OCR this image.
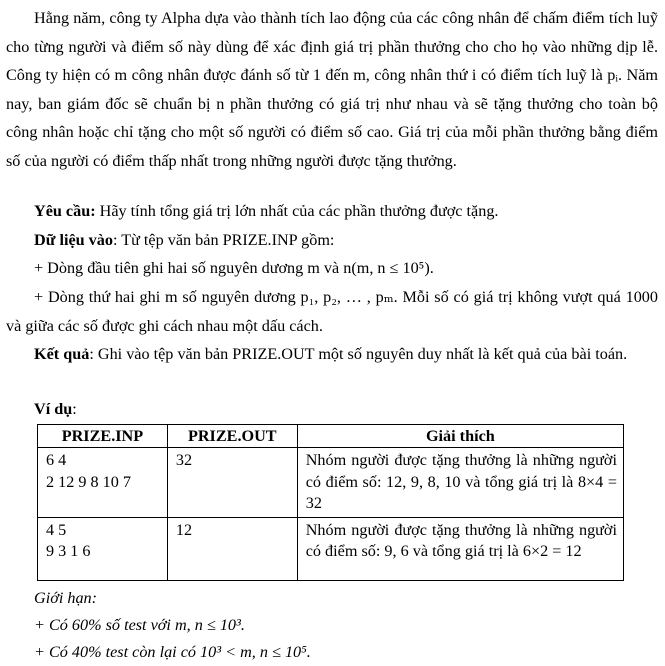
Hằng năm, công ty Alpha dựa vào thành tích lao động của các công nhân để chấm điểm tích luỹ cho từng người và điểm số này dùng để xác định giá trị phần thưởng cho cho họ vào những dịp lễ. Công ty hiện có m công nhân được đánh số từ 1 đến m, công nhân thứ i có điểm tích luỹ là pᵢ. Năm nay, ban giám đốc sẽ chuẩn bị n phần thưởng có giá trị như nhau và sẽ tặng thưởng cho toàn bộ công nhân hoặc chỉ tặng cho một số người có điểm số cao. Giá trị của mỗi phần thưởng bằng điểm số của người có điểm thấp nhất trong những người được tặng thưởng.

Yêu cầu: Hãy tính tổng giá trị lớn nhất của các phần thưởng được tặng.

Dữ liệu vào: Từ tệp văn bản PRIZE.INP gồm:

+ Dòng đầu tiên ghi hai số nguyên dương m và n(m, n ≤ 10⁵).

+ Dòng thứ hai ghi m số nguyên dương p₁, p₂, … , pₘ. Mỗi số có giá trị không vượt quá 1000 và giữa các số được ghi cách nhau một dấu cách.

Kết quả: Ghi vào tệp văn bản PRIZE.OUT một số nguyên duy nhất là kết quả của bài toán.

Ví dụ:

PRIZE.INP	PRIZE.OUT	Giải thích

6 4
2 12 9 8 10 7	32	Nhóm người được tặng thưởng là những người có điểm số: 12, 9, 8, 10 và tổng giá trị là 8×4 = 32

4 5
9 3 1 6	12	Nhóm người được tặng thưởng là những người có điểm số: 9, 6 và tổng giá trị là 6×2 = 12

Giới hạn:

+ Có 60% số test với m, n ≤ 10³.

+ Có 40% test còn lại có 10³ < m, n ≤ 10⁵.
